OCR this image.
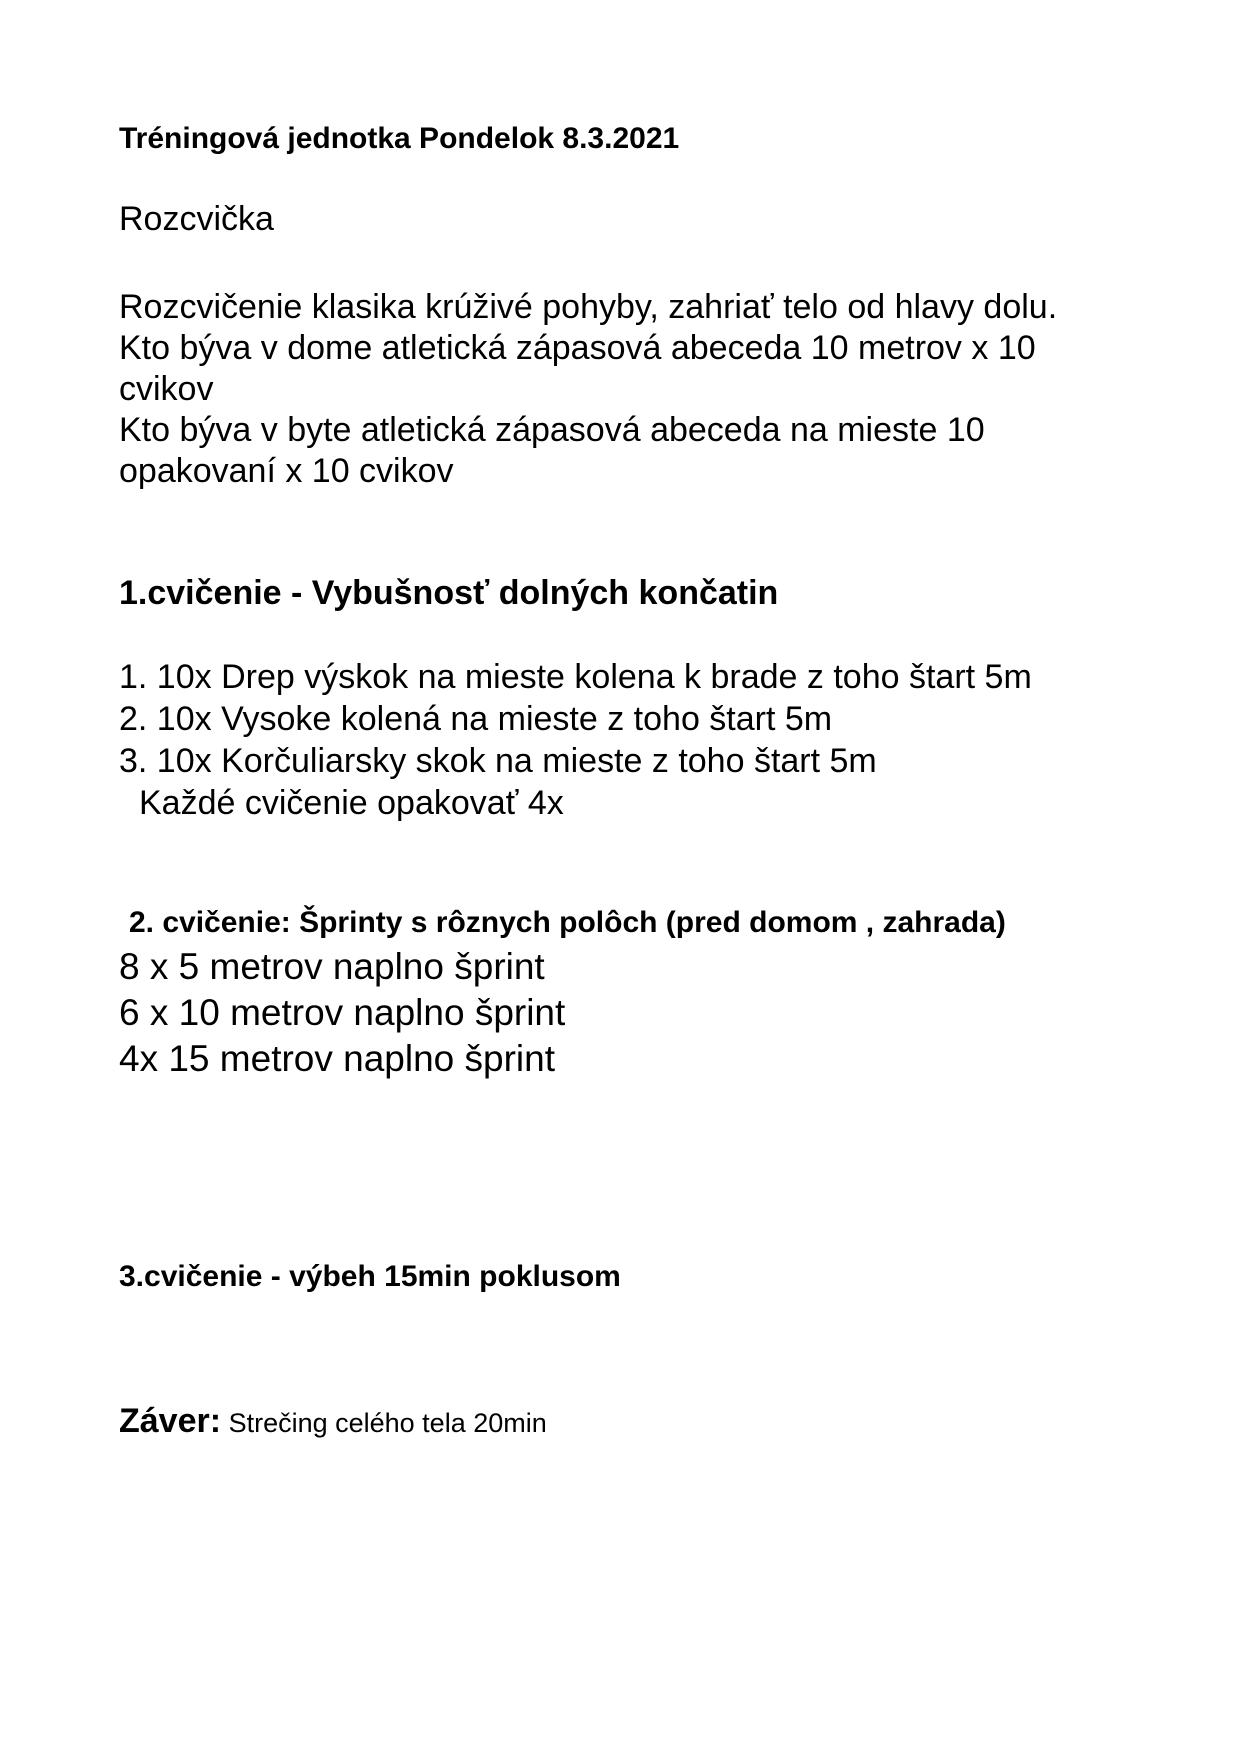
Tréningová jednotka Pondelok 8.3.2021
Rozcvička
Rozcvičenie klasika krúživé pohyby, zahriať telo od hlavy dolu.
Kto býva v dome atletická zápasová abeceda 10 metrov x 10
cvikov
Kto býva v byte atletická zápasová abeceda na mieste 10
opakovaní x 10 cvikov
1.cvičenie - Vybušnosť dolných končatin
1. 10x Drep výskok na mieste kolena k brade z toho štart 5m
2. 10x Vysoke kolená na mieste z toho štart 5m
3. 10x Korčuliarsky skok na mieste z toho štart 5m
Každé cvičenie opakovať 4x
2. cvičenie: Šprinty s rôznych polôch (pred domom , zahrada)
8 x 5 metrov naplno šprint
6 x 10 metrov naplno šprint
4x 15 metrov naplno šprint
3.cvičenie - výbeh 15min poklusom
Záver: Strečing celého tela 20min
